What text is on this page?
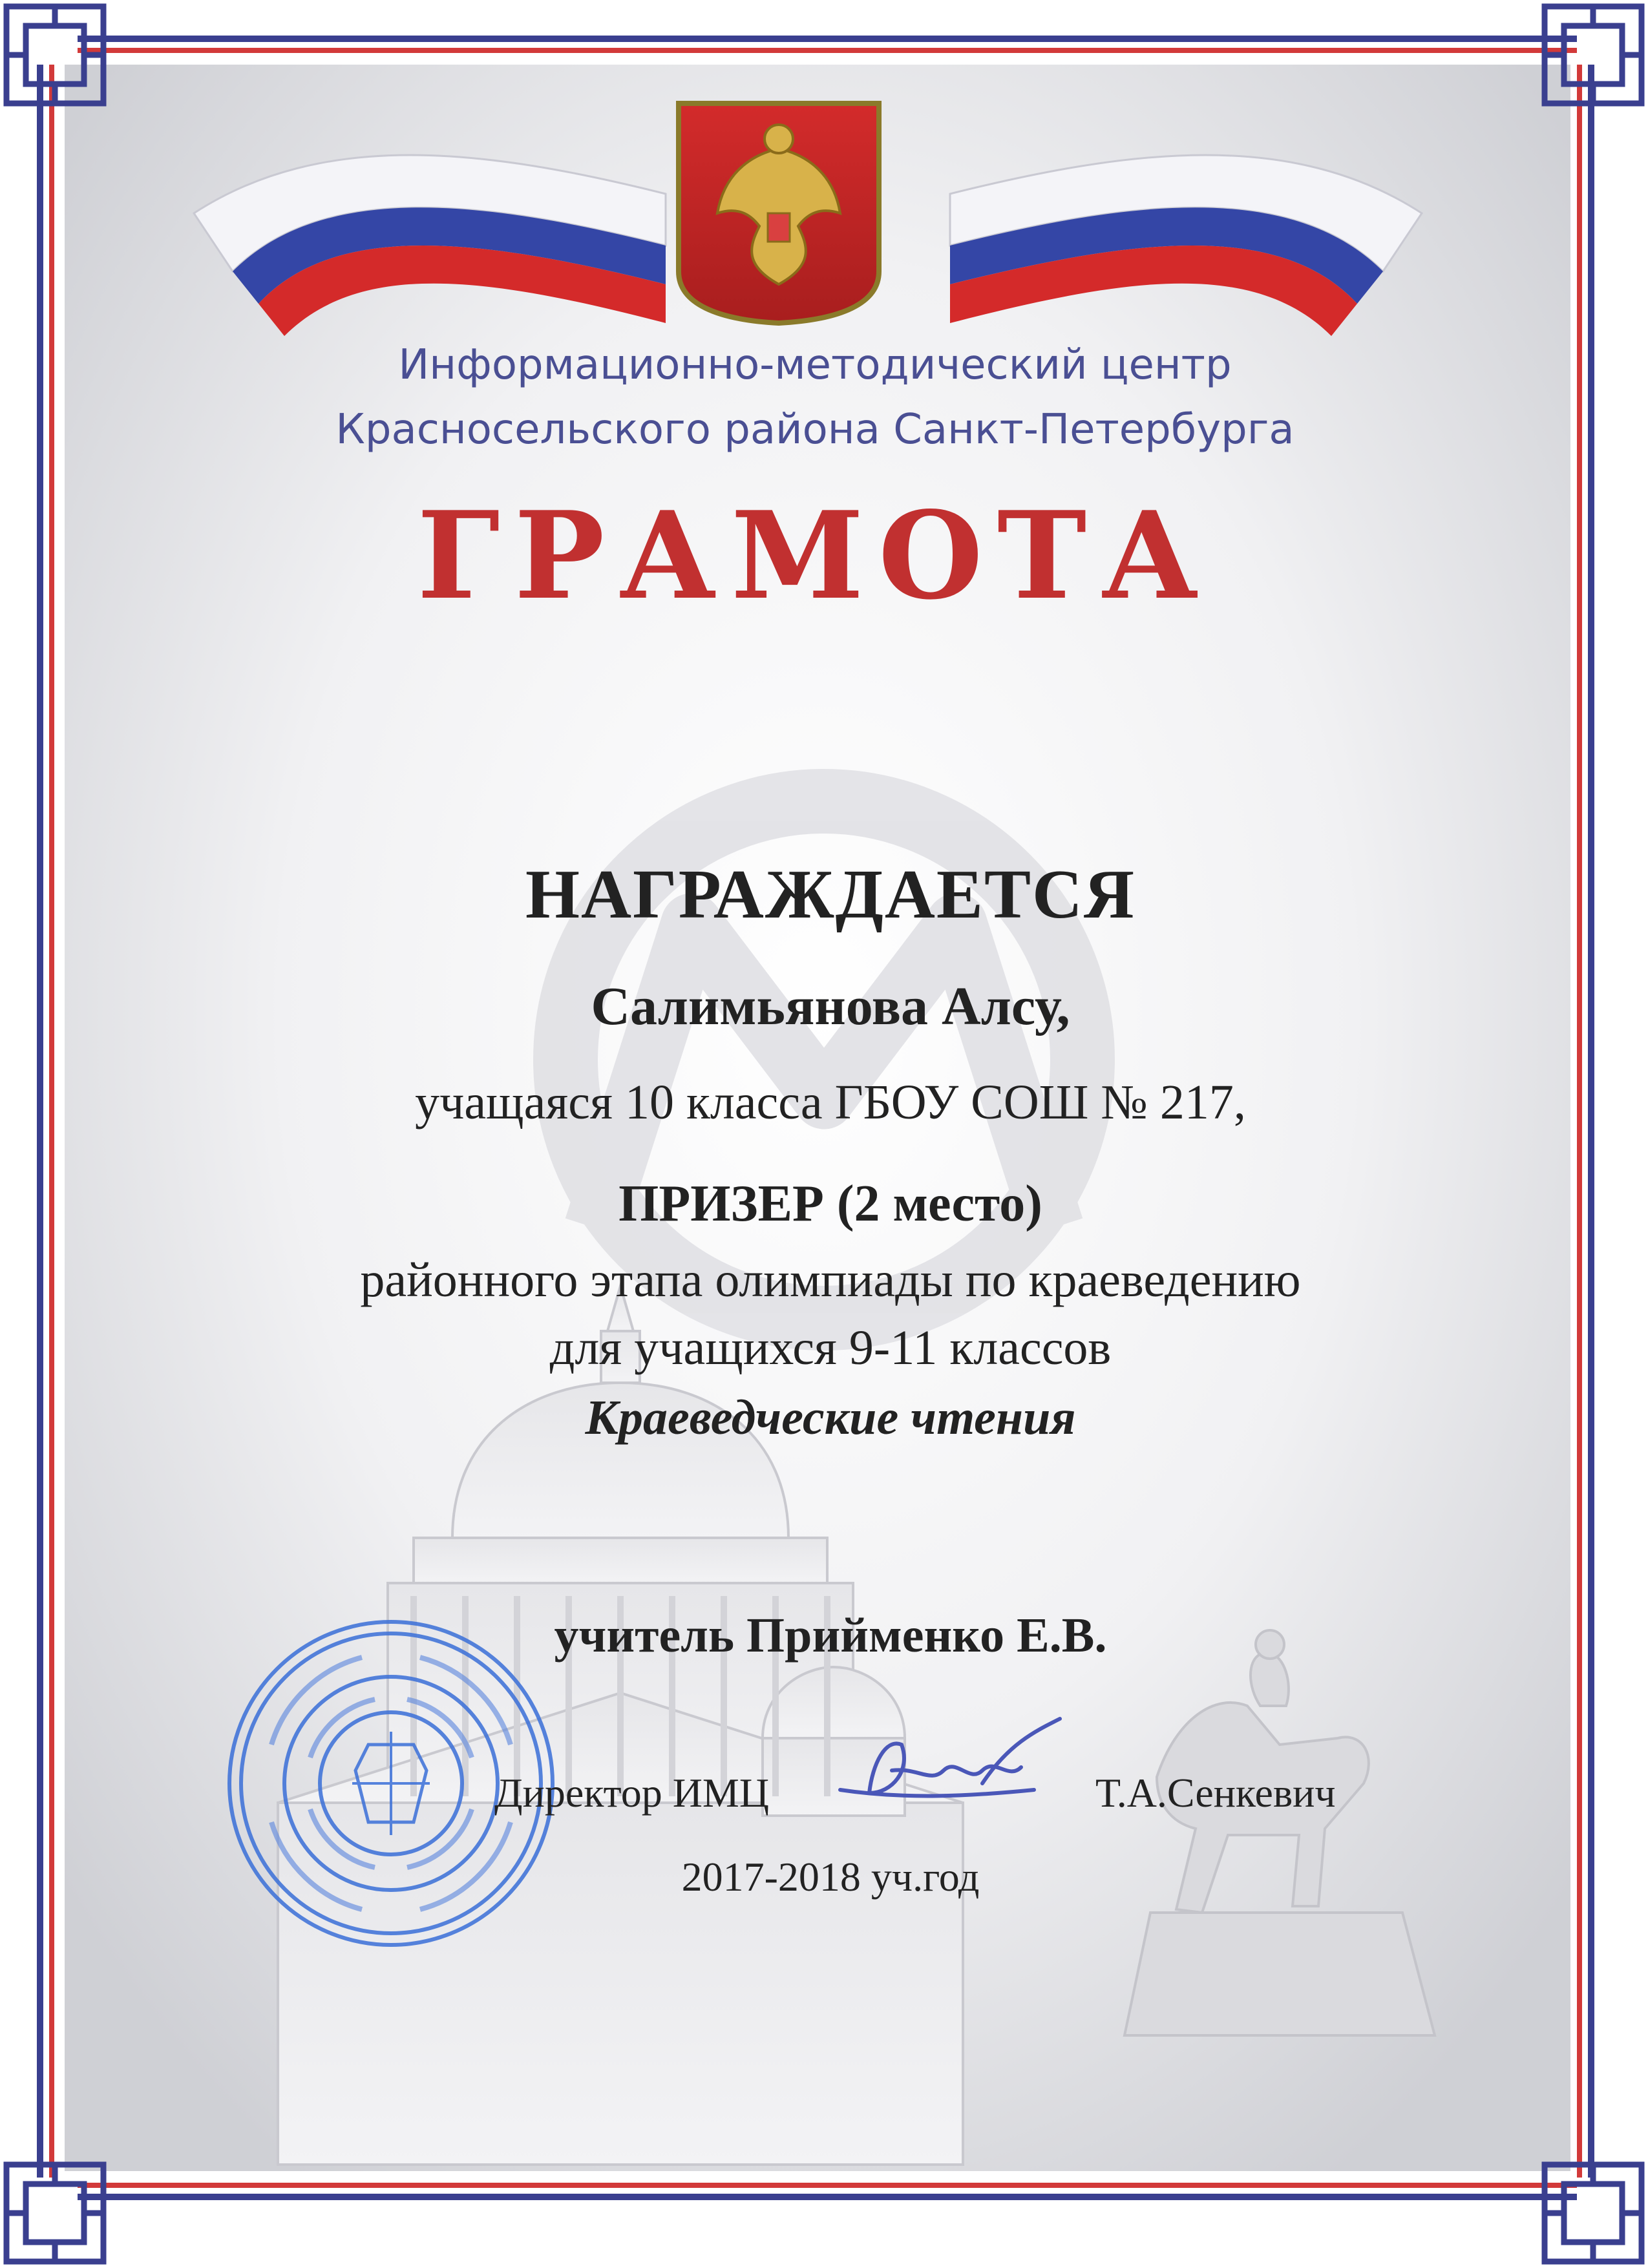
Информационно-методический центр

Красносельского района Санкт-Петербурга

ГРАМОТА

НАГРАЖДАЕТСЯ

Салимьянова Алсу,

учащаяся 10 класса ГБОУ СОШ № 217,

ПРИЗЕР (2 место)

районного этапа олимпиады по краеведению

для учащихся 9-11 классов

Краеведческие чтения

учитель Прийменко Е.В.

Директор ИМЦ	Т.А.Сенкевич

2017-2018 уч.год
